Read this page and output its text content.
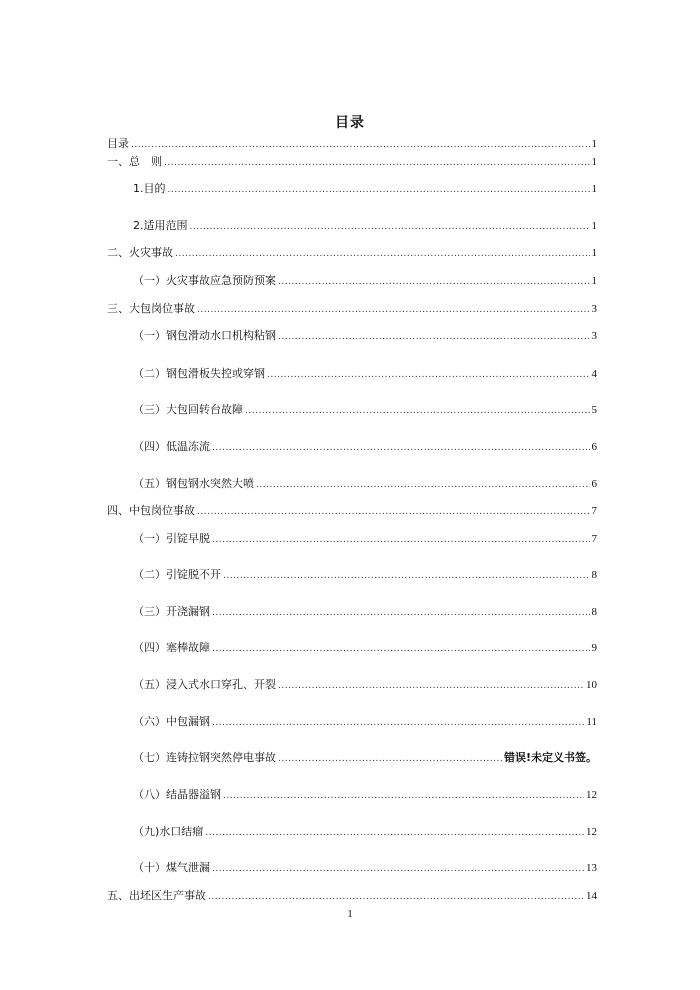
目录
目录 .....	1
一、总　则 .....	1
1.目的 .....	1
2.适用范围 .....	1
二、火灾事故 .....	1
（一）火灾事故应急预防预案 .....	1
三、大包岗位事故 .....	3
（一）钢包滑动水口机构粘钢 .....	3
（二）钢包滑板失控或穿钢 .....	4
（三）大包回转台故障 .....	5
（四）低温冻流 .....	6
（五）钢包钢水突然大喷 .....	6
四、中包岗位事故 .....	7
（一）引锭早脱 .....	7
（二）引锭脱不开 .....	8
（三）开浇漏钢 .....	8
（四）塞棒故障 .....	9
（五）浸入式水口穿孔、开裂 .....	10
（六）中包漏钢 .....	11
（七）连铸拉钢突然停电事故 .....	错误!未定义书签。
（八）结晶器溢钢 .....	12
（九)水口结瘤 .....	12
（十）煤气泄漏 .....	13
五、出坯区生产事故 .....	14
1
